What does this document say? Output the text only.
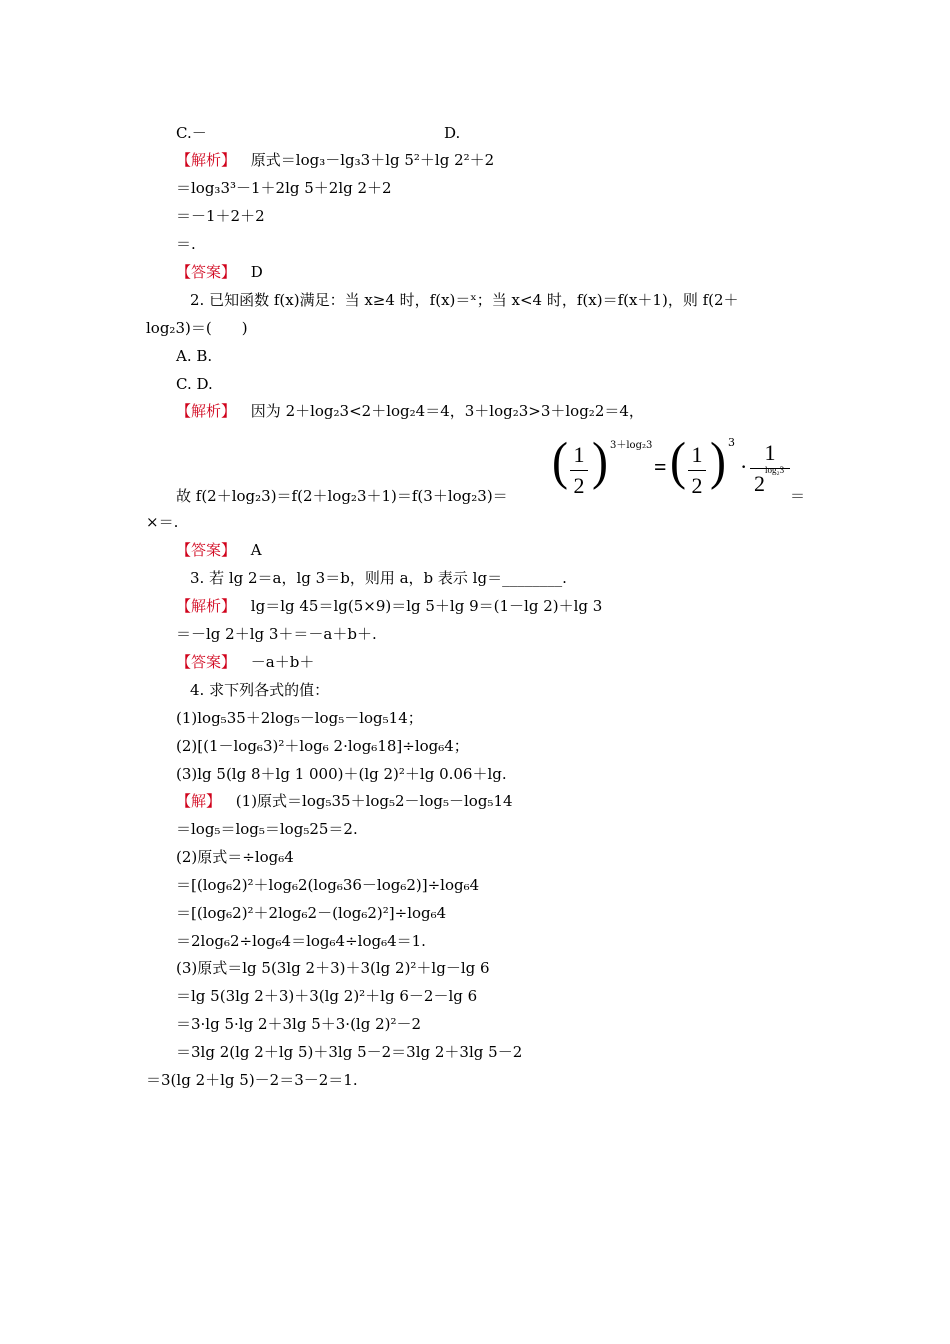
C.－	D.
【解析】 原式＝log₃－lg₃3＋lg 5²＋lg 2²＋2
＝log₃3³－1＋2lg 5＋2lg 2＋2
＝－1＋2＋2
＝.
【答案】 D
2. 已知函数 f(x)满足：当 x≥4 时，f(x)＝ˣ；当 x<4 时，f(x)＝f(x＋1)，则 f(2＋
log₂3)＝(　　)
A. B.
C. D.
【解析】 因为 2＋log₂3<2＋log₂4＝4，3＋log₂3>3＋log₂2＝4，
( 1
2 ) 3＋log₂3
= ( 1
2 ) 3
·
1
2
log₂3
故 f(2＋log₂3)＝f(2＋log₂3＋1)＝f(3＋log₂3)＝	＝
×＝.
【答案】 A
3. 若 lg 2＝a，lg 3＝b，则用 a，b 表示 lg＝________.
【解析】 lg＝lg 45＝lg(5×9)＝lg 5＋lg 9＝(1－lg 2)＋lg 3
＝－lg 2＋lg 3＋＝－a＋b＋.
【答案】 －a＋b＋
4. 求下列各式的值：
(1)log₅35＋2log₅－log₅－log₅14；
(2)[(1－log₆3)²＋log₆ 2·log₆18]÷log₆4；
(3)lg 5(lg 8＋lg 1 000)＋(lg 2)²＋lg 0.06＋lg.
【解】 (1)原式＝log₅35＋log₅2－log₅－log₅14
＝log₅＝log₅＝log₅25＝2.
(2)原式＝÷log₆4
＝[(log₆2)²＋log₆2(log₆36－log₆2)]÷log₆4
＝[(log₆2)²＋2log₆2－(log₆2)²]÷log₆4
＝2log₆2÷log₆4＝log₆4÷log₆4＝1.
(3)原式＝lg 5(3lg 2＋3)＋3(lg 2)²＋lg－lg 6
＝lg 5(3lg 2＋3)＋3(lg 2)²＋lg 6－2－lg 6
＝3·lg 5·lg 2＋3lg 5＋3·(lg 2)²－2
＝3lg 2(lg 2＋lg 5)＋3lg 5－2＝3lg 2＋3lg 5－2
＝3(lg 2＋lg 5)－2＝3－2＝1.
